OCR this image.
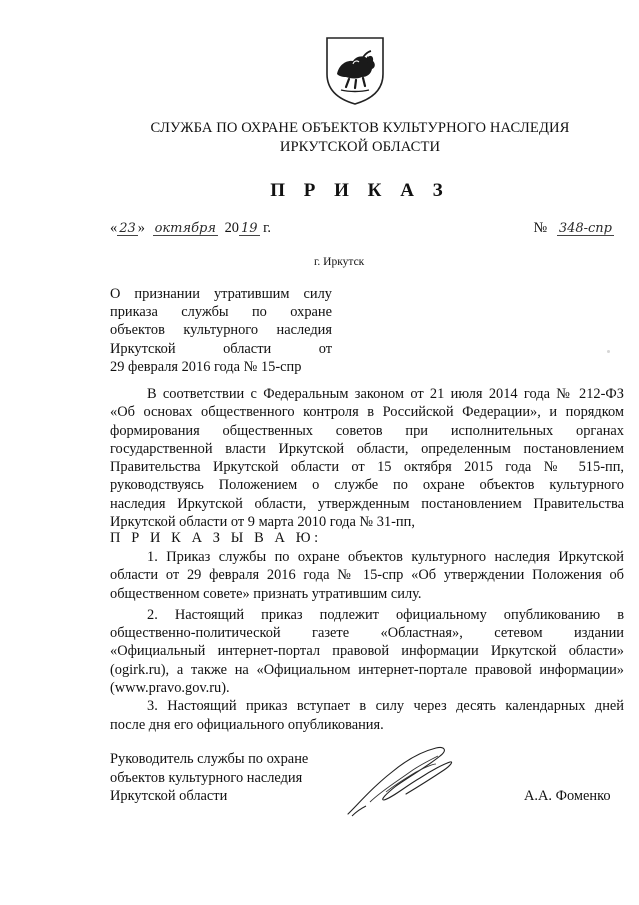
СЛУЖБА ПО ОХРАНЕ ОБЪЕКТОВ КУЛЬТУРНОГО НАСЛЕДИЯ
ИРКУТСКОЙ ОБЛАСТИ
П Р И К А З
« 23 » октября 20 19 г.	№ 348-спр
г. Иркутск
О признании утратившим силу
приказа службы по охране
объектов культурного наследия
Иркутской области от
29 февраля 2016 года № 15-спр
В соответствии с Федеральным законом от 21 июля 2014 года № 212-ФЗ
«Об основах общественного контроля в Российской Федерации», и порядком
формирования общественных советов при исполнительных органах
государственной власти Иркутской области, определенным постановлением
Правительства Иркутской области от 15 октября 2015 года № 515-пп,
руководствуясь Положением о службе по охране объектов культурного
наследия Иркутской области, утвержденным постановлением Правительства
Иркутской области от 9 марта 2010 года № 31-пп,
П Р И К А З Ы В А Ю:
1. Приказ службы по охране объектов культурного наследия Иркутской
области от 29 февраля 2016 года № 15-спр «Об утверждении Положения об
общественном совете» признать утратившим силу.
2. Настоящий приказ подлежит официальному опубликованию в
общественно-политической газете «Областная», сетевом издании
«Официальный интернет-портал правовой информации Иркутской области»
(ogirk.ru), а также на «Официальном интернет-портале правовой информации»
(www.pravo.gov.ru).
3. Настоящий приказ вступает в силу через десять календарных дней
после дня его официального опубликования.
Руководитель службы по охране
объектов культурного наследия
Иркутской области	А.А. Фоменко
